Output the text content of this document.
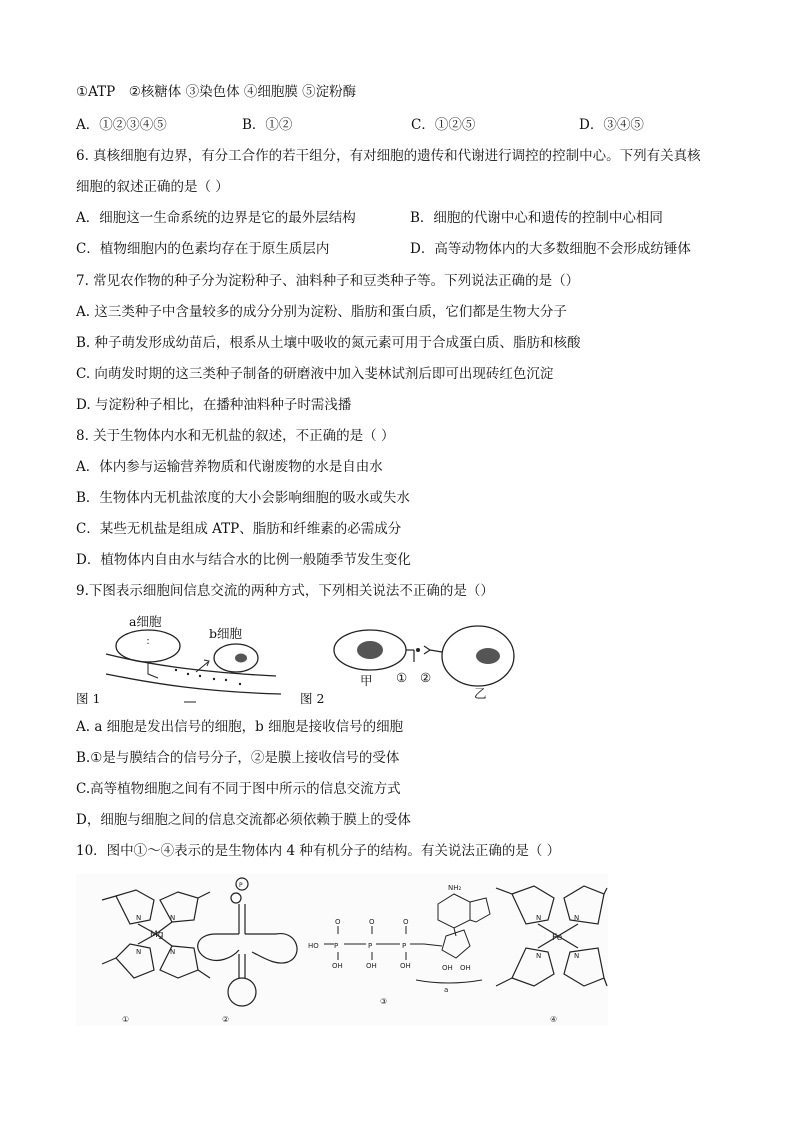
①ATP　②核糖体 ③染色体 ④细胞膜 ⑤淀粉酶
A．①②③④⑤	B．①②	C．①②⑤	D．③④⑤
6. 真核细胞有边界，有分工合作的若干组分，有对细胞的遗传和代谢进行调控的控制中心。下列有关真核
细胞的叙述正确的是（ ）
A．细胞这一生命系统的边界是它的最外层结构	B．细胞的代谢中心和遗传的控制中心相同
C．植物细胞内的色素均存在于原生质层内	D．高等动物体内的大多数细胞不会形成纺锤体
7. 常见农作物的种子分为淀粉种子、油料种子和豆类种子等。下列说法正确的是（）
A. 这三类种子中含量较多的成分分别为淀粉、脂肪和蛋白质，它们都是生物大分子
B. 种子萌发形成幼苗后，根系从土壤中吸收的氮元素可用于合成蛋白质、脂肪和核酸
C. 向萌发时期的这三类种子制备的研磨液中加入斐林试剂后即可出现砖红色沉淀
D. 与淀粉种子相比，在播种油料种子时需浅播
8. 关于生物体内水和无机盐的叙述，不正确的是（ ）
A．体内参与运输营养物质和代谢废物的水是自由水
B．生物体内无机盐浓度的大小会影响细胞的吸水或失水
C．某些无机盐是组成 ATP、脂肪和纤维素的必需成分
D．植物体内自由水与结合水的比例一般随季节发生变化
9.下图表示细胞间信息交流的两种方式，下列相关说法不正确的是（）
:
a细胞
b细胞
图 1	图 2
甲 ① ②
乙
A. a 细胞是发出信号的细胞，b 细胞是接收信号的细胞
B.①是与膜结合的信号分子，②是膜上接收信号的受体
C.高等植物细胞之间有不同于图中所示的信息交流方式
D，细胞与细胞之间的信息交流都必须依赖于膜上的受体
10．图中①～④表示的是生物体内 4 种有机分子的结构。有关说法正确的是（ ）
N	N
N	N
Mg
①
P
②
HO P	P	P
O	O	O
OH	OH	OH	OH OH
NH₂
a
③
N	N
N	N
Fe
④
